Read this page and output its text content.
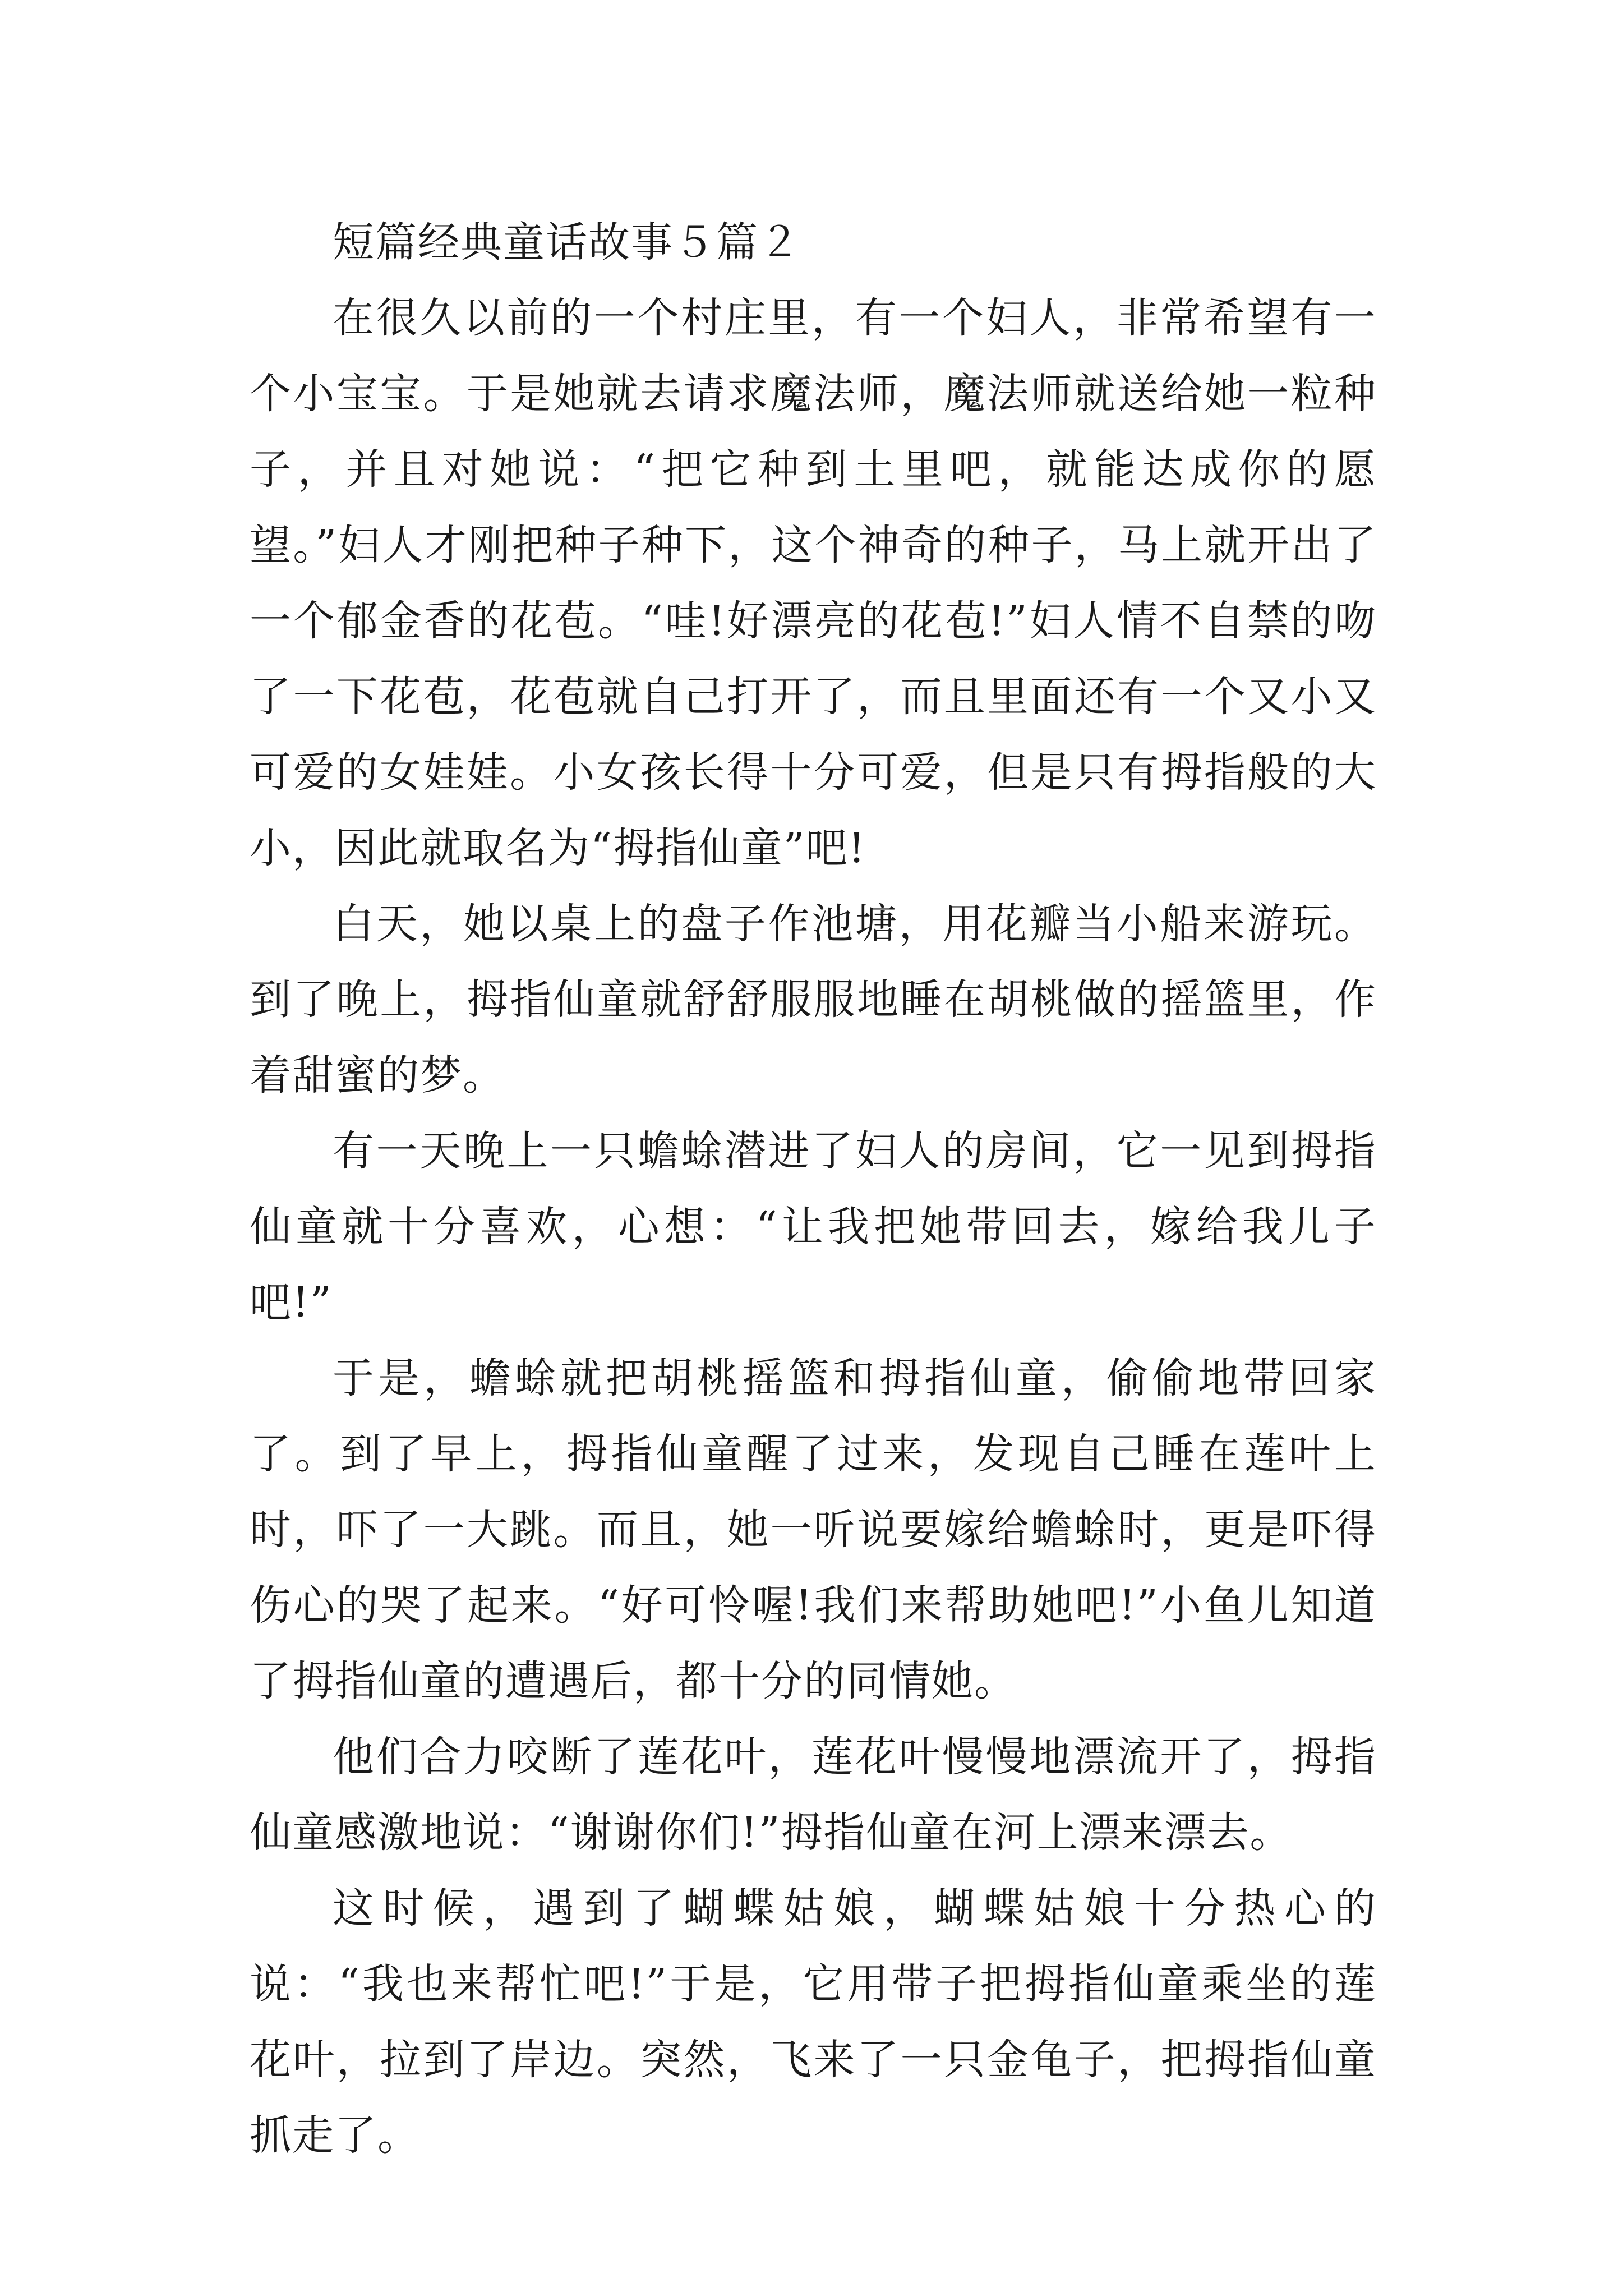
短篇经典童话故事５篇２

在很久以前的一个村庄里，有一个妇人，非常希望有一个小宝宝。于是她就去请求魔法师，魔法师就送给她一粒种子，并且对她说：“把它种到土里吧，就能达成你的愿望。”妇人才刚把种子种下，这个神奇的种子，马上就开出了一个郁金香的花苞。“哇!好漂亮的花苞!”妇人情不自禁的吻了一下花苞，花苞就自己打开了，而且里面还有一个又小又可爱的女娃娃。小女孩长得十分可爱，但是只有拇指般的大小，因此就取名为“拇指仙童”吧!

白天，她以桌上的盘子作池塘，用花瓣当小船来游玩。到了晚上，拇指仙童就舒舒服服地睡在胡桃做的摇篮里，作着甜蜜的梦。

有一天晚上一只蟾蜍潜进了妇人的房间，它一见到拇指仙童就十分喜欢，心想：“让我把她带回去，嫁给我儿子吧!”

于是，蟾蜍就把胡桃摇篮和拇指仙童，偷偷地带回家了。到了早上，拇指仙童醒了过来，发现自己睡在莲叶上时，吓了一大跳。而且，她一听说要嫁给蟾蜍时，更是吓得伤心的哭了起来。“好可怜喔!我们来帮助她吧!”小鱼儿知道了拇指仙童的遭遇后，都十分的同情她。

他们合力咬断了莲花叶，莲花叶慢慢地漂流开了，拇指仙童感激地说：“谢谢你们!”拇指仙童在河上漂来漂去。

这时候，遇到了蝴蝶姑娘，蝴蝶姑娘十分热心的说：“我也来帮忙吧!”于是，它用带子把拇指仙童乘坐的莲花叶，拉到了岸边。突然，飞来了一只金龟子，把拇指仙童抓走了。
